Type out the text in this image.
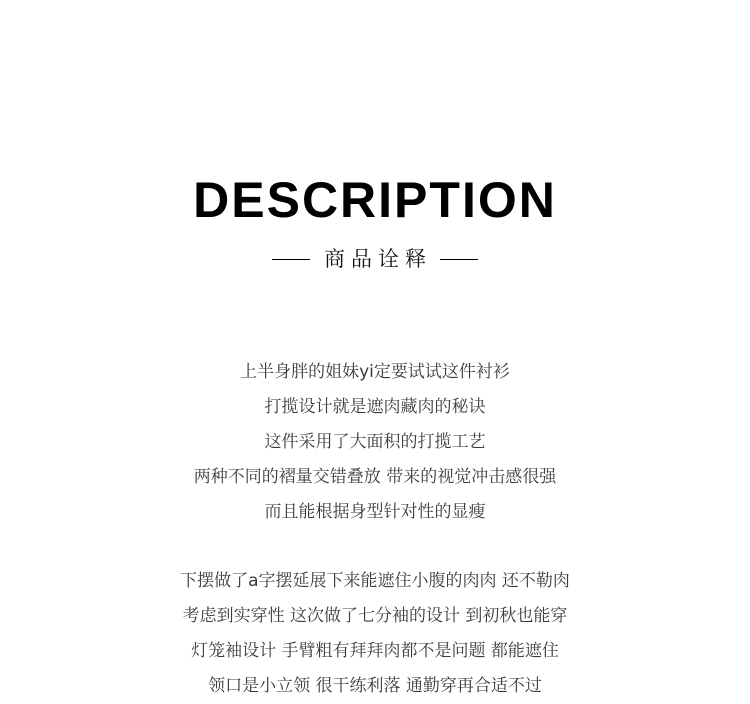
DESCRIPTION
商品诠释
上半身胖的姐妹yi定要试试这件衬衫
打揽设计就是遮肉藏肉的秘诀
这件采用了大面积的打揽工艺
两种不同的褶量交错叠放 带来的视觉冲击感很强
而且能根据身型针对性的显瘦
下摆做了a字摆延展下来能遮住小腹的肉肉 还不勒肉
考虑到实穿性 这次做了七分袖的设计 到初秋也能穿
灯笼袖设计 手臂粗有拜拜肉都不是问题 都能遮住
领口是小立领 很干练利落 通勤穿再合适不过
